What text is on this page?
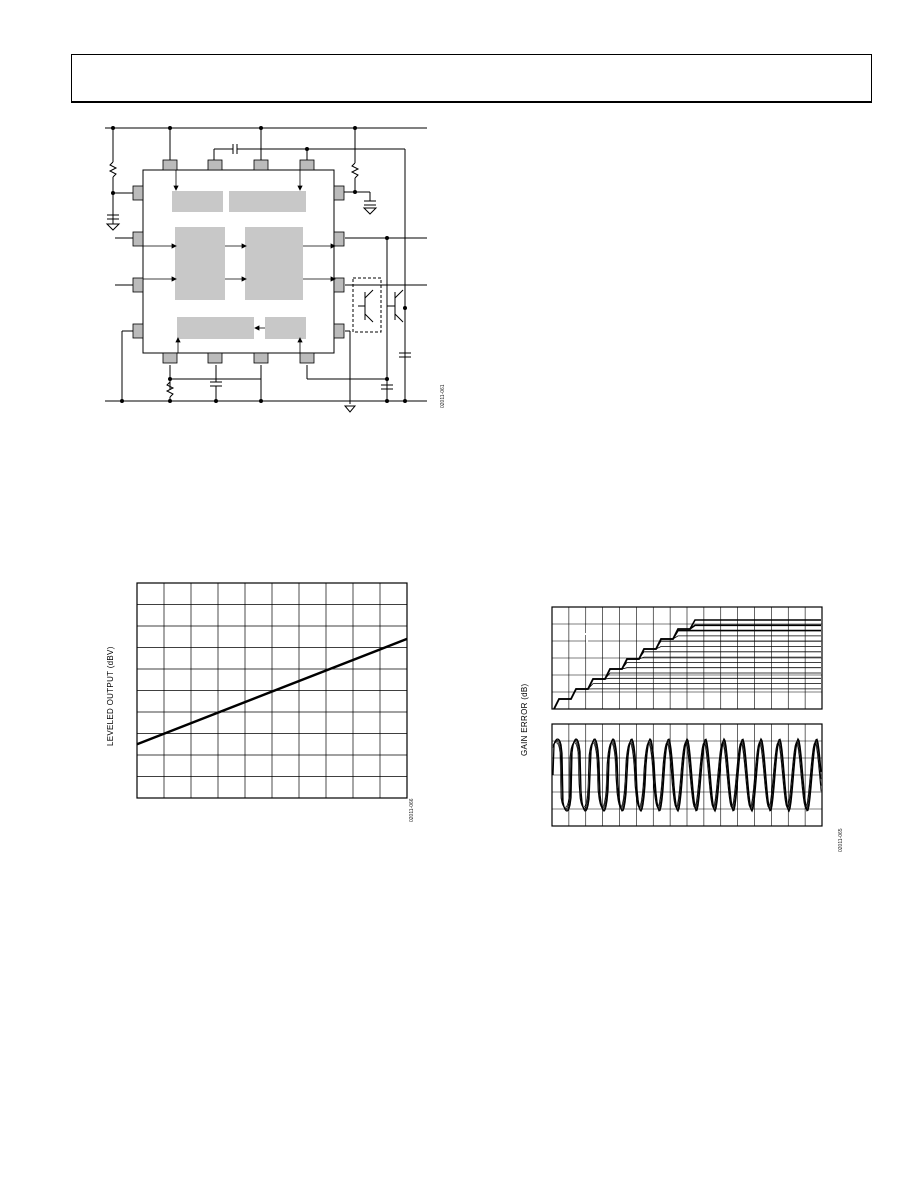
02011-061
LEVELED OUTPUT (dBV)
02011-066
GAIN ERROR (dB)
02011-065
